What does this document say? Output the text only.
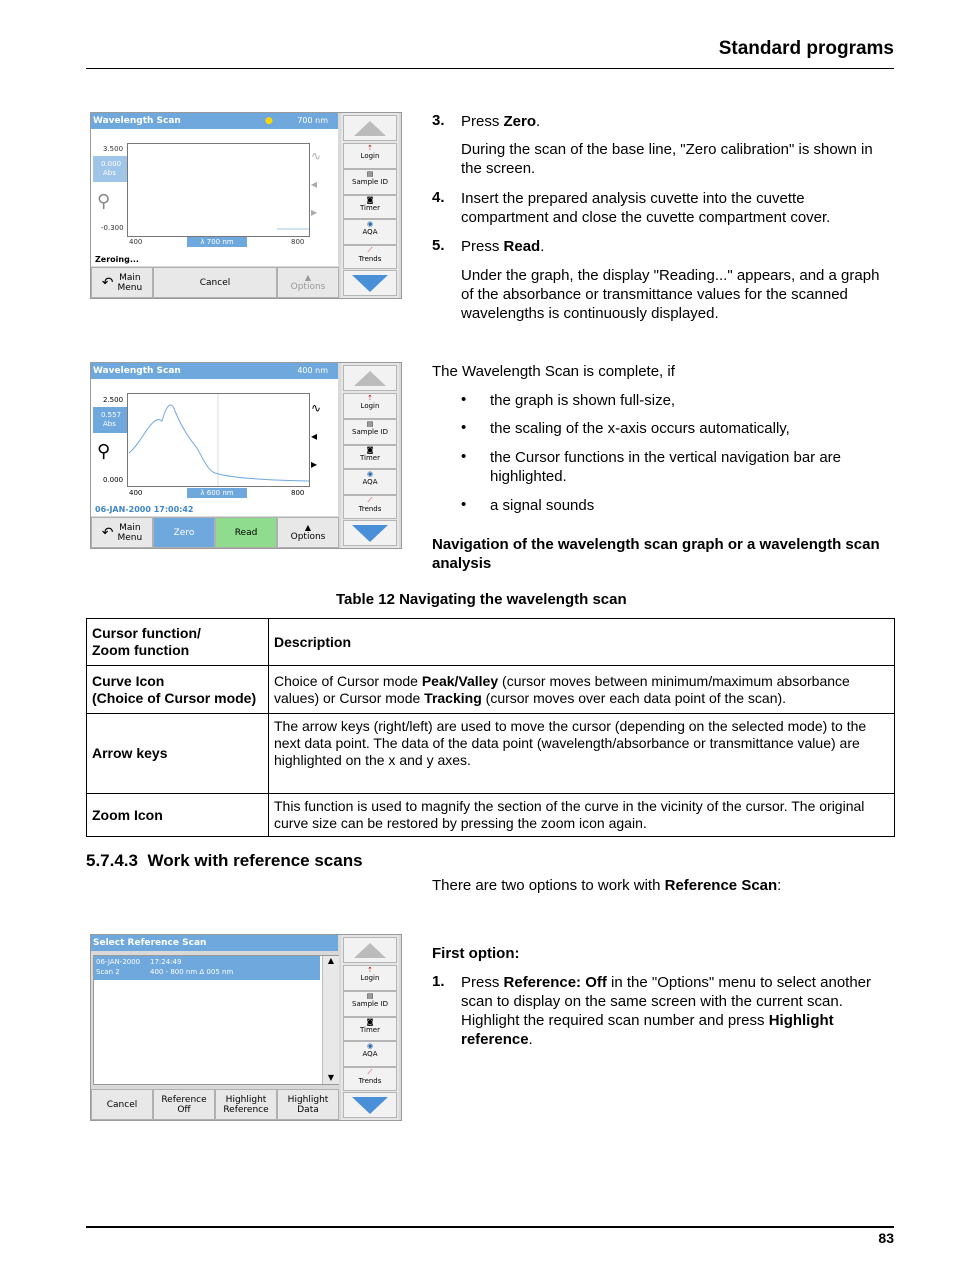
Standard programs
Wavelength Scan	●	700 nm
3.500
0.000
Abs
⚲
-0.300
400	λ 700 nm	800
∿
◂
▸
Zeroing...
↶ Main
Menu	Cancel	▲
Options
⇡
Login
▤
Sample ID
◙
Timer
◉
AQA
⟋
Trends
3. Press Zero.
During the scan of the base line, "Zero calibration" is shown in the screen.
4. Insert the prepared analysis cuvette into the cuvette compartment and close the cuvette compartment cover.
5. Press Read.
Under the graph, the display "Reading..." appears, and a graph of the absorbance or transmittance values for the scanned wavelengths is continuously displayed.
Wavelength Scan	400 nm
2.500
0.557
Abs
⚲
0.000
400	λ 600 nm	800
∿
◂
▸
06-JAN-2000 17:00:42
↶ Main
Menu	Zero	Read	▲
Options
⇡
Login
▤
Sample ID
◙
Timer
◉
AQA
⟋
Trends
The Wavelength Scan is complete, if
• the graph is shown full-size,
• the scaling of the x-axis occurs automatically,
• the Cursor functions in the vertical navigation bar are highlighted.
• a signal sounds
Navigation of the wavelength scan graph or a wavelength scan analysis
Table 12 Navigating the wavelength scan
Cursor function/
Zoom function	Description
Curve Icon
(Choice of Cursor mode)	Choice of Cursor mode Peak/Valley (cursor moves between minimum/maximum absorbance values) or Cursor mode Tracking (cursor moves over each data point of the scan).
Arrow keys	The arrow keys (right/left) are used to move the cursor (depending on the selected mode) to the next data point. The data of the data point (wavelength/absorbance or transmittance value) are highlighted on the x and y axes.
Zoom Icon	This function is used to magnify the section of the curve in the vicinity of the cursor. The original curve size can be restored by pressing the zoom icon again.
5.7.4.3 Work with reference scans
There are two options to work with Reference Scan:
Select Reference Scan
06-JAN-2000 17:24:49
Scan 2	400 - 800 nm Δ 005 nm
▲
▼
Cancel	Reference
Off
Highlight
Reference
Highlight
Data
⇡
Login
▤
Sample ID
◙
Timer
◉
AQA
⟋
Trends
First option:
1. Press Reference: Off in the "Options" menu to select another scan to display on the same screen with the current scan. Highlight the required scan number and press Highlight reference.
83
